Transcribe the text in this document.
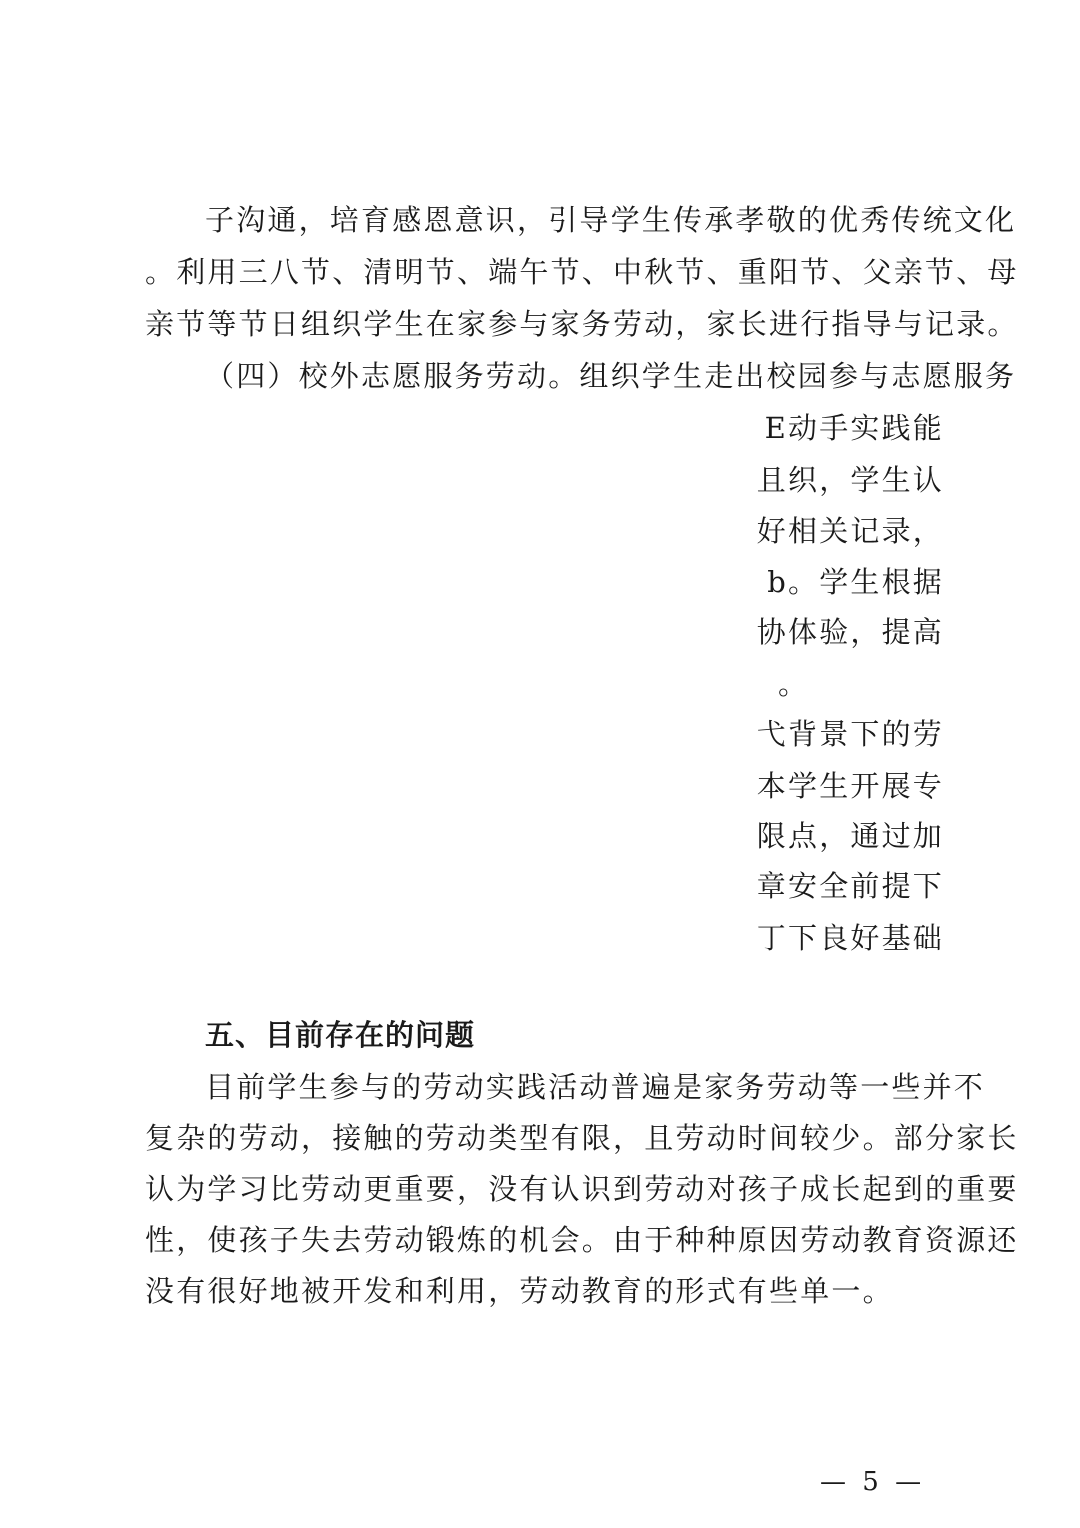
子沟通，培育感恩意识，引导学生传承孝敬的优秀传统文化
。利用三八节、清明节、端午节、中秋节、重阳节、父亲节、母
亲节等节日组织学生在家参与家务劳动，家长进行指导与记录。
（四）校外志愿服务劳动。组织学生走出校园参与志愿服务
E动手实践能
且织，学生认
好相关记录，
b。学生根据
协体验，提高
。
弋背景下的劳
本学生开展专
限点，通过加
章安全前提下
丁下良好基础
五、目前存在的问题
目前学生参与的劳动实践活动普遍是家务劳动等一些并不
复杂的劳动，接触的劳动类型有限，且劳动时间较少。部分家长
认为学习比劳动更重要，没有认识到劳动对孩子成长起到的重要
性，使孩子失去劳动锻炼的机会。由于种种原因劳动教育资源还
没有很好地被开发和利用，劳动教育的形式有些单一。
— 5 —
